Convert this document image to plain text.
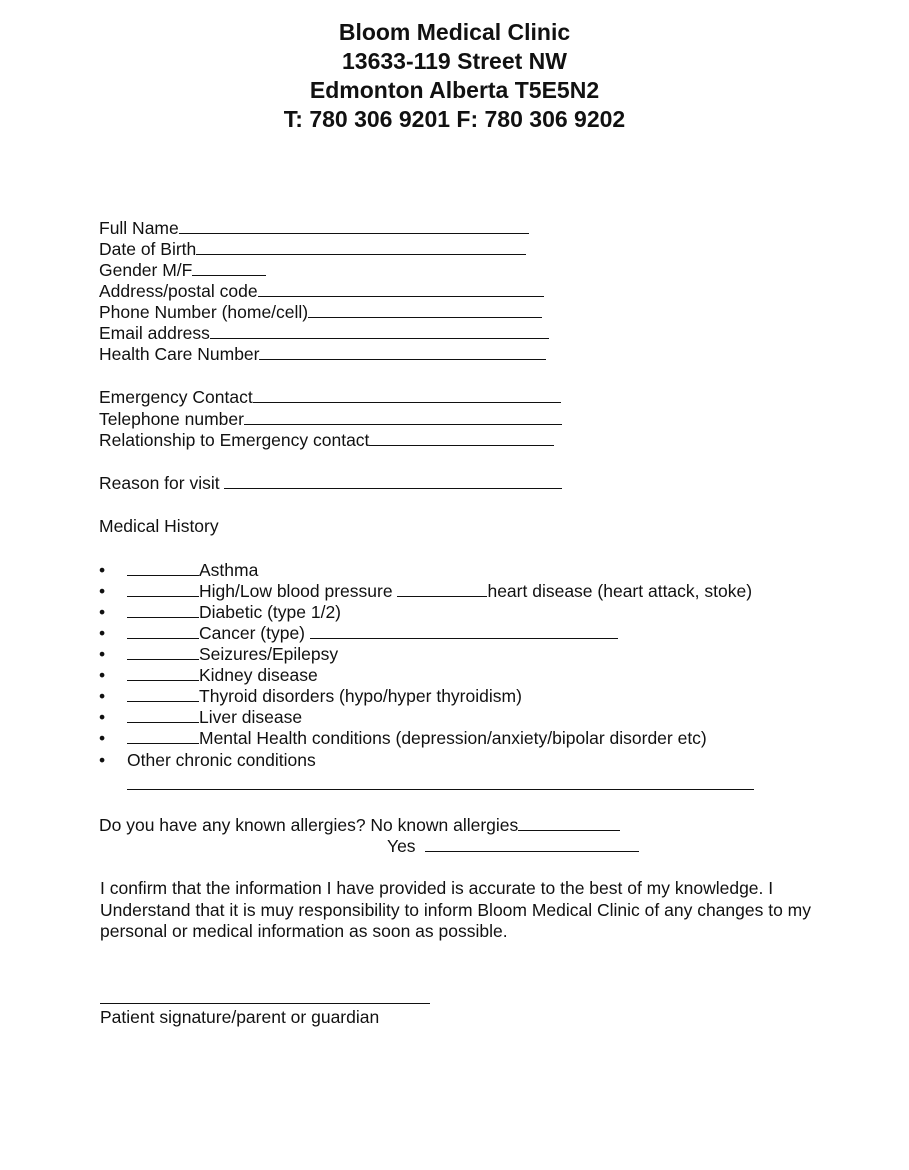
Bloom Medical Clinic
13633-119 Street NW
Edmonton Alberta T5E5N2
T: 780 306 9201 F: 780 306 9202
Full Name
Date of Birth
Gender M/F
Address/postal code
Phone Number (home/cell)
Email address
Health Care Number
Emergency Contact
Telephone number
Relationship to Emergency contact
Reason for visit
Medical History
•	Asthma
•	High/Low blood pressure	heart disease (heart attack, stoke)
•	Diabetic (type 1/2)
•	Cancer (type)
•	Seizures/Epilepsy
•	Kidney disease
•	Thyroid disorders (hypo/hyper thyroidism)
•	Liver disease
•	Mental Health conditions (depression/anxiety/bipolar disorder etc)
• Other chronic conditions
Do you have any known allergies? No known allergies
Yes
I confirm that the information I have provided is accurate to the best of my knowledge. I Understand that it is muy responsibility to inform Bloom Medical Clinic of any changes to my personal or medical information as soon as possible.
Patient signature/parent or guardian
